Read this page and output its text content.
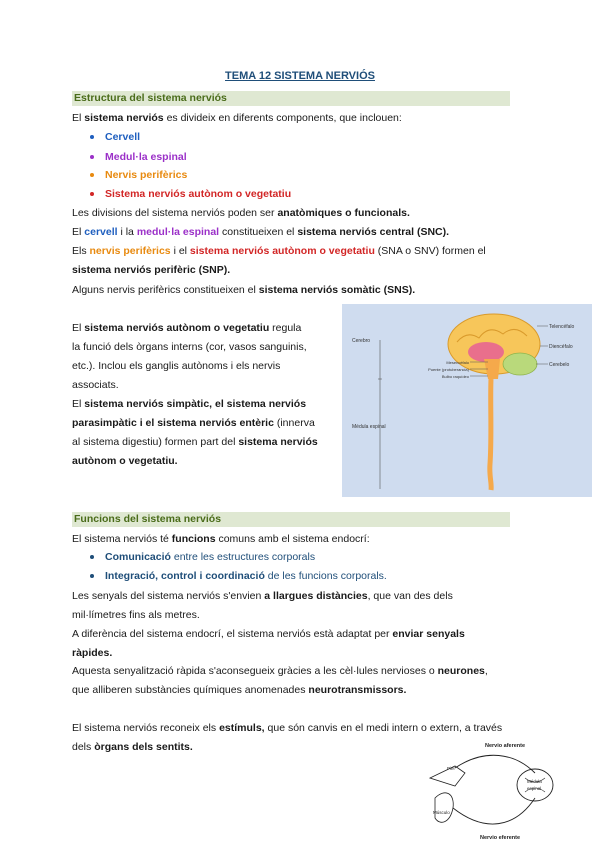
TEMA 12 SISTEMA NERVIÓS
Estructura del sistema nerviós
El sistema nerviós es divideix en diferents components, que inclouen:
Cervell
Medul·la espinal
Nervis perifèrics
Sistema nerviós autònom o vegetatiu
Les divisions del sistema nerviós poden ser anatòmiques o funcionals.
El cervell i la medul·la espinal constitueixen el sistema nerviós central (SNC).
Els nervis perifèrics i el sistema nerviós autònom o vegetatiu (SNA o SNV) formen el
sistema nerviós perifèric (SNP).
Alguns nervis perifèrics constitueixen el sistema nerviós somàtic (SNS).
El sistema nerviós autònom o vegetatiu regula
la funció dels òrgans interns (cor, vasos sanguinis,
etc.). Inclou els ganglis autònoms i els nervis
associats.
El sistema nerviós simpàtic, el sistema nerviós
parasimpàtic i el sistema nerviós entèric (innerva
al sistema digestiu) formen part del sistema nerviós
autònom o vegetatiu.
Cerebro
Médula espinal
Telencéfalo
Diencéfalo
Cerebelo
Mesencéfalo
Puente (protuberancia)
Bulbo raquídeo
Funcions del sistema nerviós
El sistema nerviós té funcions comuns amb el sistema endocrí:
Comunicació entre les estructures corporals
Integració, control i coordinació de les funcions corporals.
Les senyals del sistema nerviós s'envien a llargues distàncies, que van des dels
mil·límetres fins als metres.
A diferència del sistema endocrí, el sistema nerviós està adaptat per enviar senyals
ràpides.
Aquesta senyalització ràpida s'aconsegueix gràcies a les cèl·lules nervioses o neurones,
que alliberen substàncies químiques anomenades neurotransmissors.
El sistema nerviós reconeix els estímuls, que són canvis en el medi intern o extern, a través
dels òrgans dels sentits.	Nervio aferente
Nervio eferente
Médula
espinal
Piel
Músculo
